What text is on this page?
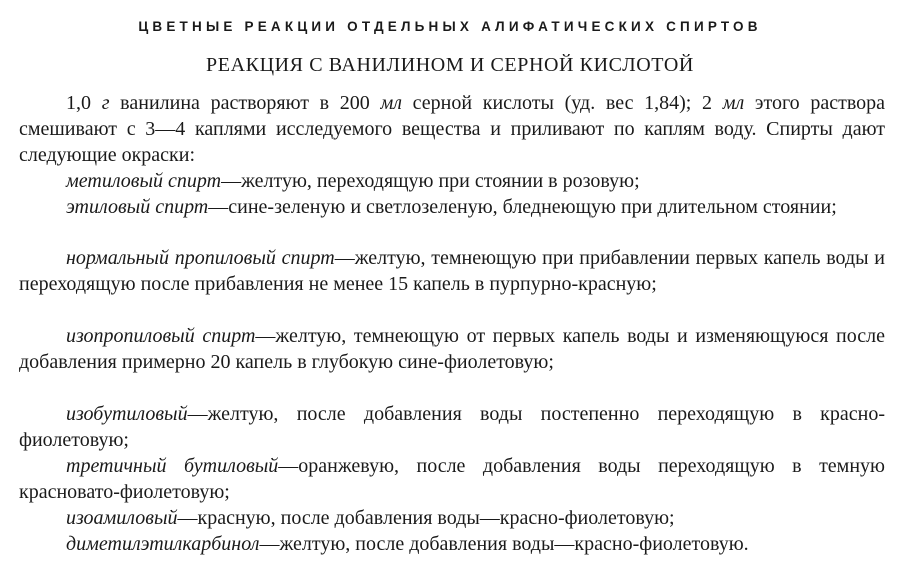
ЦВЕТНЫЕ РЕАКЦИИ ОТДЕЛЬНЫХ АЛИФАТИЧЕСКИХ СПИРТОВ
РЕАКЦИЯ С ВАНИЛИНОМ И СЕРНОЙ КИСЛОТОЙ

1,0 г ванилина растворяют в 200 мл серной кислоты (уд. вес 1,84); 2 мл этого раствора смешивают с 3—4 каплями исследуемого вещества и приливают по каплям воду. Спирты дают следующие окраски:

метиловый спирт—желтую, переходящую при стоянии в розовую;

этиловый спирт—сине-зеленую и светлозеленую, бледнеющую при длительном стоянии;

нормальный пропиловый спирт—желтую, темнеющую при прибавлении первых капель воды и переходящую после прибавления не менее 15 капель в пурпурно-красную;

изопропиловый спирт—желтую, темнеющую от первых капель воды и изменяющуюся после добавления примерно 20 капель в глубокую сине-фиолетовую;

изобутиловый—желтую, после добавления воды постепенно переходящую в красно-фиолетовую;

третичный бутиловый—оранжевую, после добавления воды переходящую в темную красновато-фиолетовую;

изоамиловый—красную, после добавления воды—красно-фиолетовую;

диметилэтилкарбинол—желтую, после добавления воды—красно-фиолетовую.
